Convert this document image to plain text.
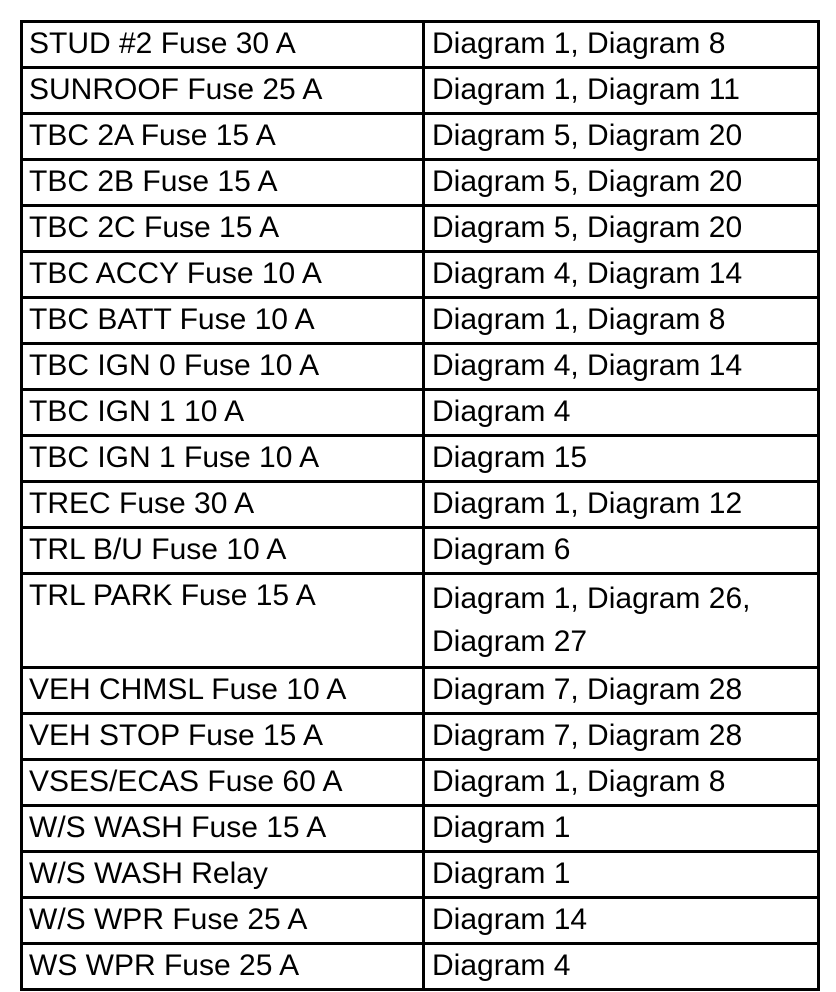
STUD #2 Fuse 30 A	Diagram 1, Diagram 8
SUNROOF Fuse 25 A	Diagram 1, Diagram 11
TBC 2A Fuse 15 A	Diagram 5, Diagram 20
TBC 2B Fuse 15 A	Diagram 5, Diagram 20
TBC 2C Fuse 15 A	Diagram 5, Diagram 20
TBC ACCY Fuse 10 A	Diagram 4, Diagram 14
TBC BATT Fuse 10 A	Diagram 1, Diagram 8
TBC IGN 0 Fuse 10 A	Diagram 4, Diagram 14
TBC IGN 1 10 A	Diagram 4
TBC IGN 1 Fuse 10 A	Diagram 15
TREC Fuse 30 A	Diagram 1, Diagram 12
TRL B/U Fuse 10 A	Diagram 6
TRL PARK Fuse 15 A	Diagram 1, Diagram 26, Diagram 27
VEH CHMSL Fuse 10 A	Diagram 7, Diagram 28
VEH STOP Fuse 15 A	Diagram 7, Diagram 28
VSES/ECAS Fuse 60 A	Diagram 1, Diagram 8
W/S WASH Fuse 15 A	Diagram 1
W/S WASH Relay	Diagram 1
W/S WPR Fuse 25 A	Diagram 14
WS WPR Fuse 25 A	Diagram 4
